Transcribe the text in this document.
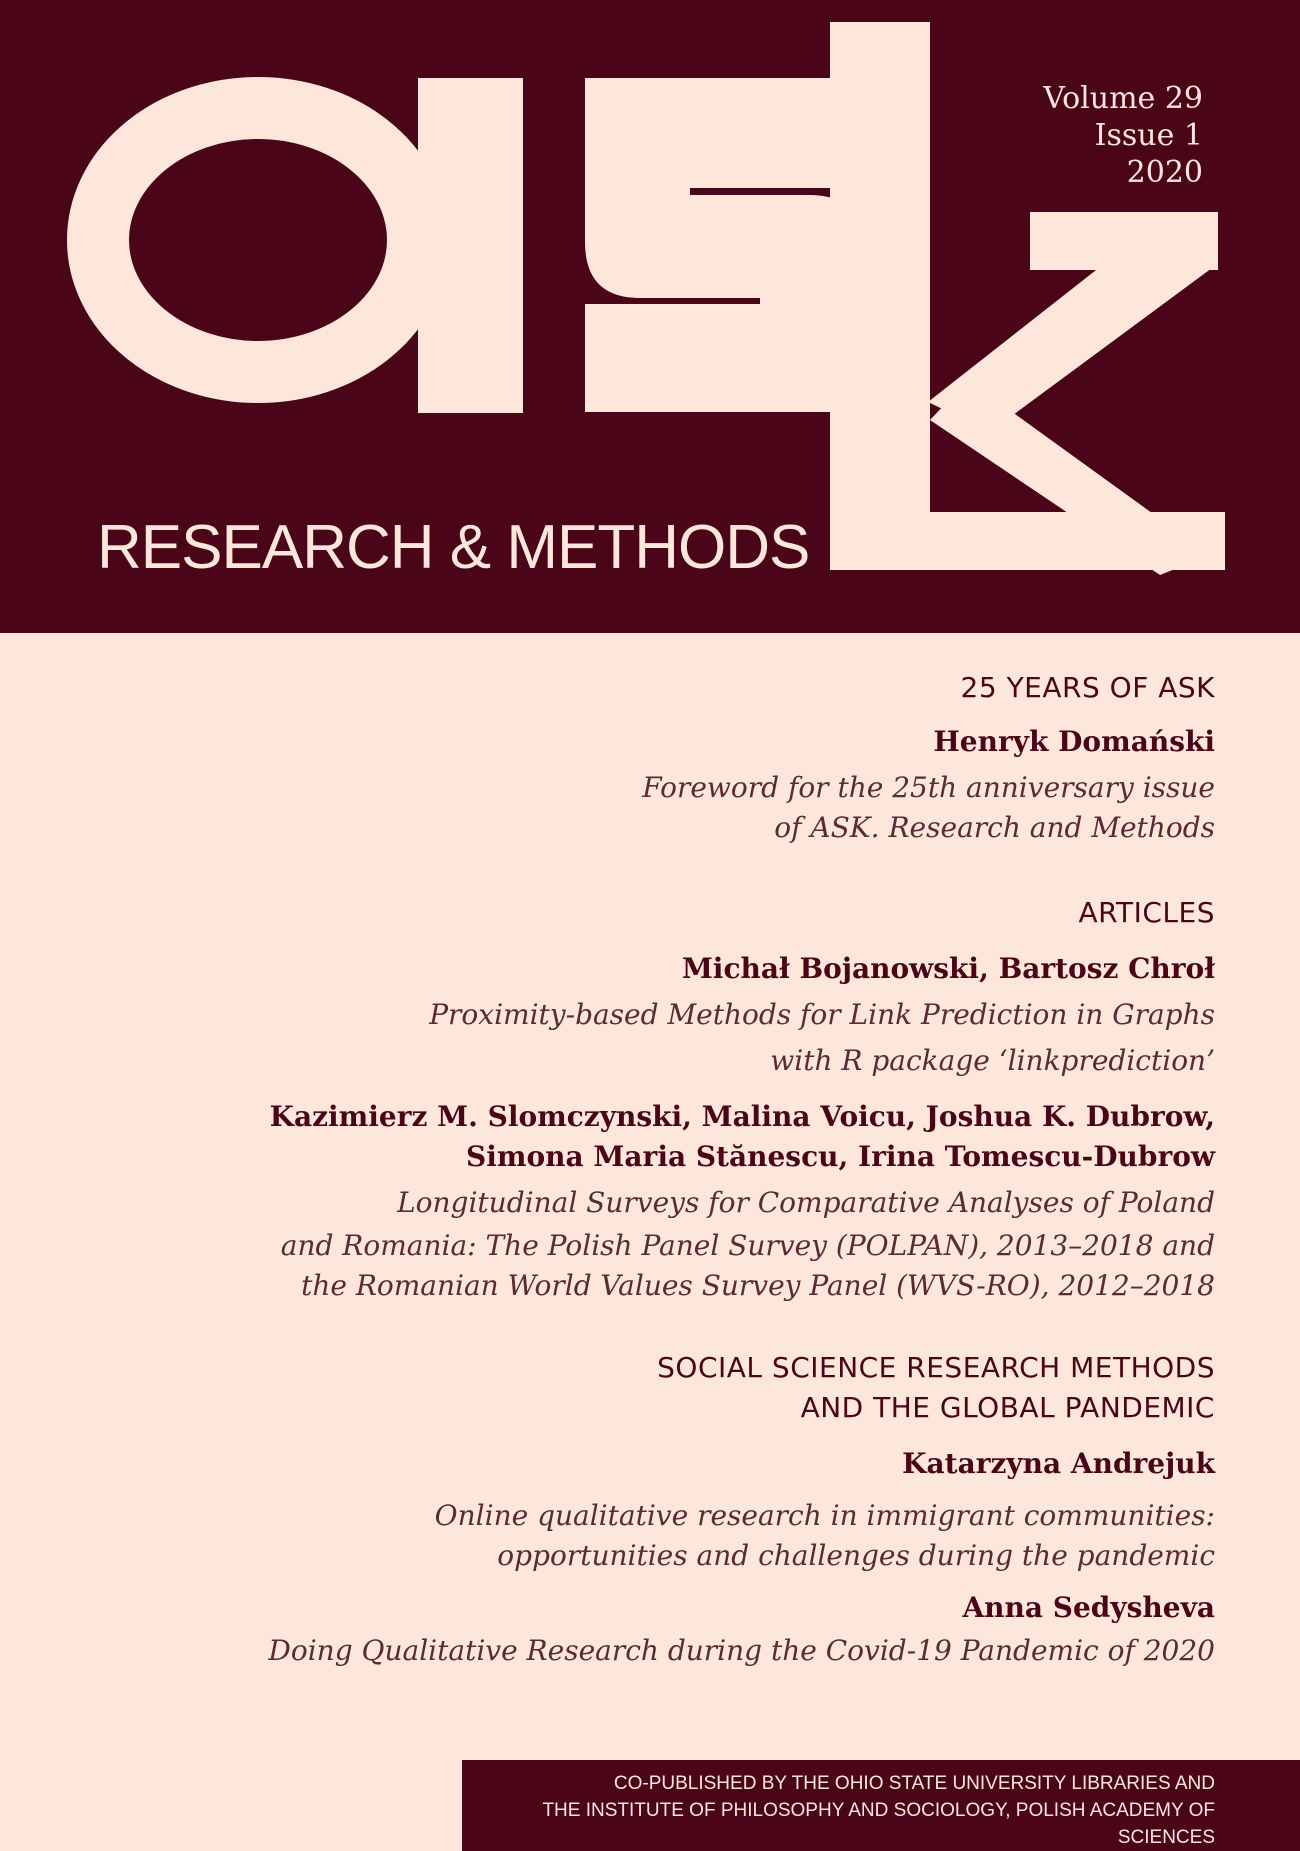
RESEARCH & METHODS
Volume 29
Issue 1
2020
25 YEARS OF ASK
Henryk Domański
Foreword for the 25th anniversary issue
of ASK. Research and Methods
ARTICLES
Michał Bojanowski, Bartosz Chroł
Proximity-based Methods for Link Prediction in Graphs
with R package ‘linkprediction’
Kazimierz M. Slomczynski, Malina Voicu, Joshua K. Dubrow,
Simona Maria Stănescu, Irina Tomescu-Dubrow
Longitudinal Surveys for Comparative Analyses of Poland
and Romania: The Polish Panel Survey (POLPAN), 2013–2018 and
the Romanian World Values Survey Panel (WVS-RO), 2012–2018
SOCIAL SCIENCE RESEARCH METHODS
AND THE GLOBAL PANDEMIC
Katarzyna Andrejuk
Online qualitative research in immigrant communities:
opportunities and challenges during the pandemic
Anna Sedysheva
Doing Qualitative Research during the Covid-19 Pandemic of 2020
CO-PUBLISHED BY THE OHIO STATE UNIVERSITY LIBRARIES AND
THE INSTITUTE OF PHILOSOPHY AND SOCIOLOGY, POLISH ACADEMY OF SCIENCES
